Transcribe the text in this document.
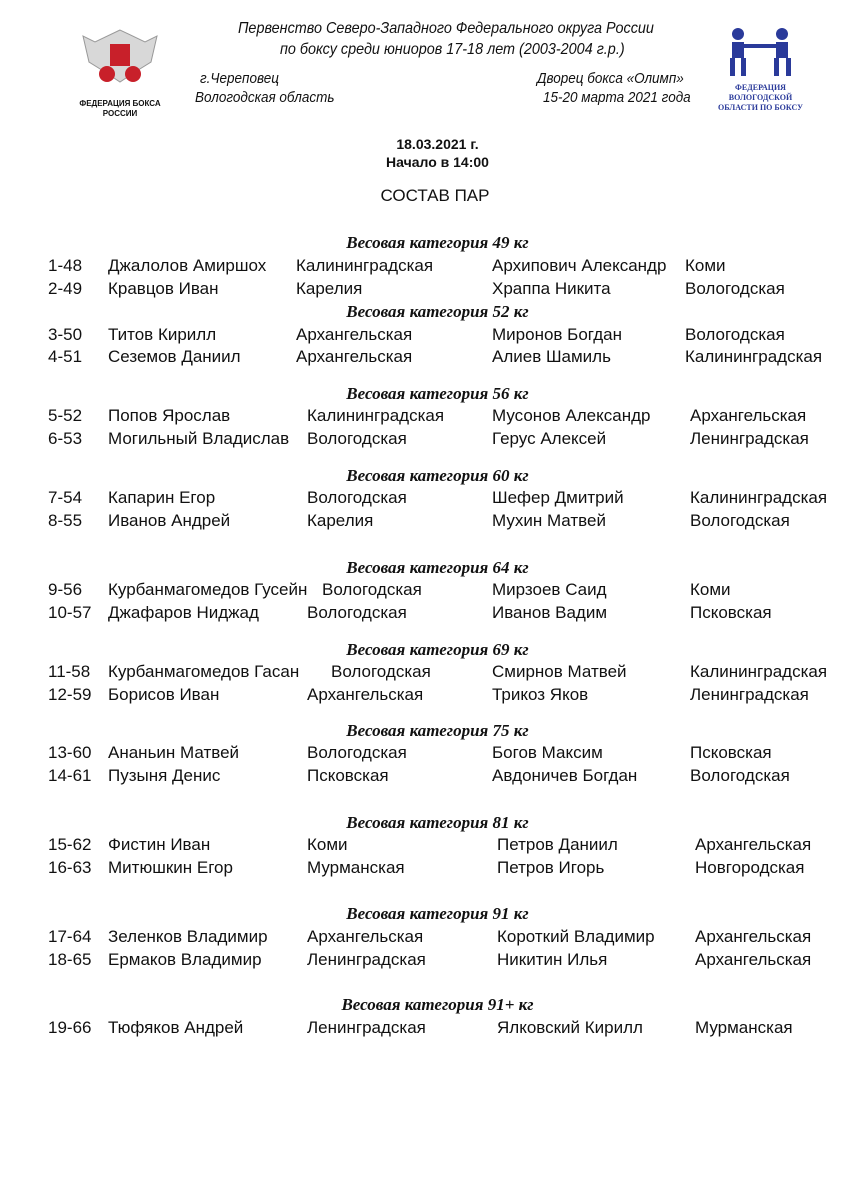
ФЕДЕРАЦИЯ БОКСА РОССИИ
Первенство Северо-Западного Федерального округа России
по боксу среди юниоров 17-18 лет (2003-2004 г.р.)
г.Череповец
Вологодская область
Дворец бокса «Олимп»
15-20 марта 2021 года
ФЕДЕРАЦИЯ ВОЛОГОДСКОЙ ОБЛАСТИ ПО БОКСУ
18.03.2021 г.
Начало в 14:00
СОСТАВ ПАР
Весовая категория 49 кг
1-48 Джалолов Амиршох Калининградская	Архипович Александр Коми
2-49 Кравцов Иван	Карелия	Храппа Никита	Вологодская
Весовая категория 52 кг
3-50 Титов Кирилл	Архангельская	Миронов Богдан	Вологодская
4-51 Сеземов Даниил	Архангельская	Алиев Шамиль	Калининградская
Весовая категория 56 кг
5-52 Попов Ярослав	Калининградская	Мусонов Александр Архангельская
6-53 Могильный Владислав Вологодская	Герус Алексей	Ленинградская
Весовая категория 60 кг
7-54 Капарин Егор	Вологодская	Шефер Дмитрий	Калининградская
8-55 Иванов Андрей	Карелия	Мухин Матвей	Вологодская
Весовая категория 64 кг
9-56 Курбанмагомедов Гусейн Вологодская	Мирзоев Саид	Коми
10-57 Джафаров Ниджад	Вологодская	Иванов Вадим	Псковская
Весовая категория 69 кг
11-58 Курбанмагомедов Гасан Вологодская	Смирнов Матвей	Калининградская
12-59 Борисов Иван	Архангельская	Трикоз Яков	Ленинградская
Весовая категория 75 кг
13-60 Ананьин Матвей	Вологодская	Богов Максим	Псковская
14-61 Пузыня Денис	Псковская	Авдоничев Богдан	Вологодская
Весовая категория 81 кг
15-62 Фистин Иван	Коми	Петров Даниил	Архангельская
16-63 Митюшкин Егор	Мурманская	Петров Игорь	Новгородская
Весовая категория 91 кг
17-64 Зеленков Владимир Архангельская	Короткий Владимир Архангельская
18-65 Ермаков Владимир	Ленинградская	Никитин Илья	Архангельская
Весовая категория 91+ кг
19-66 Тюфяков Андрей	Ленинградская	Ялковский Кирилл	Мурманская
